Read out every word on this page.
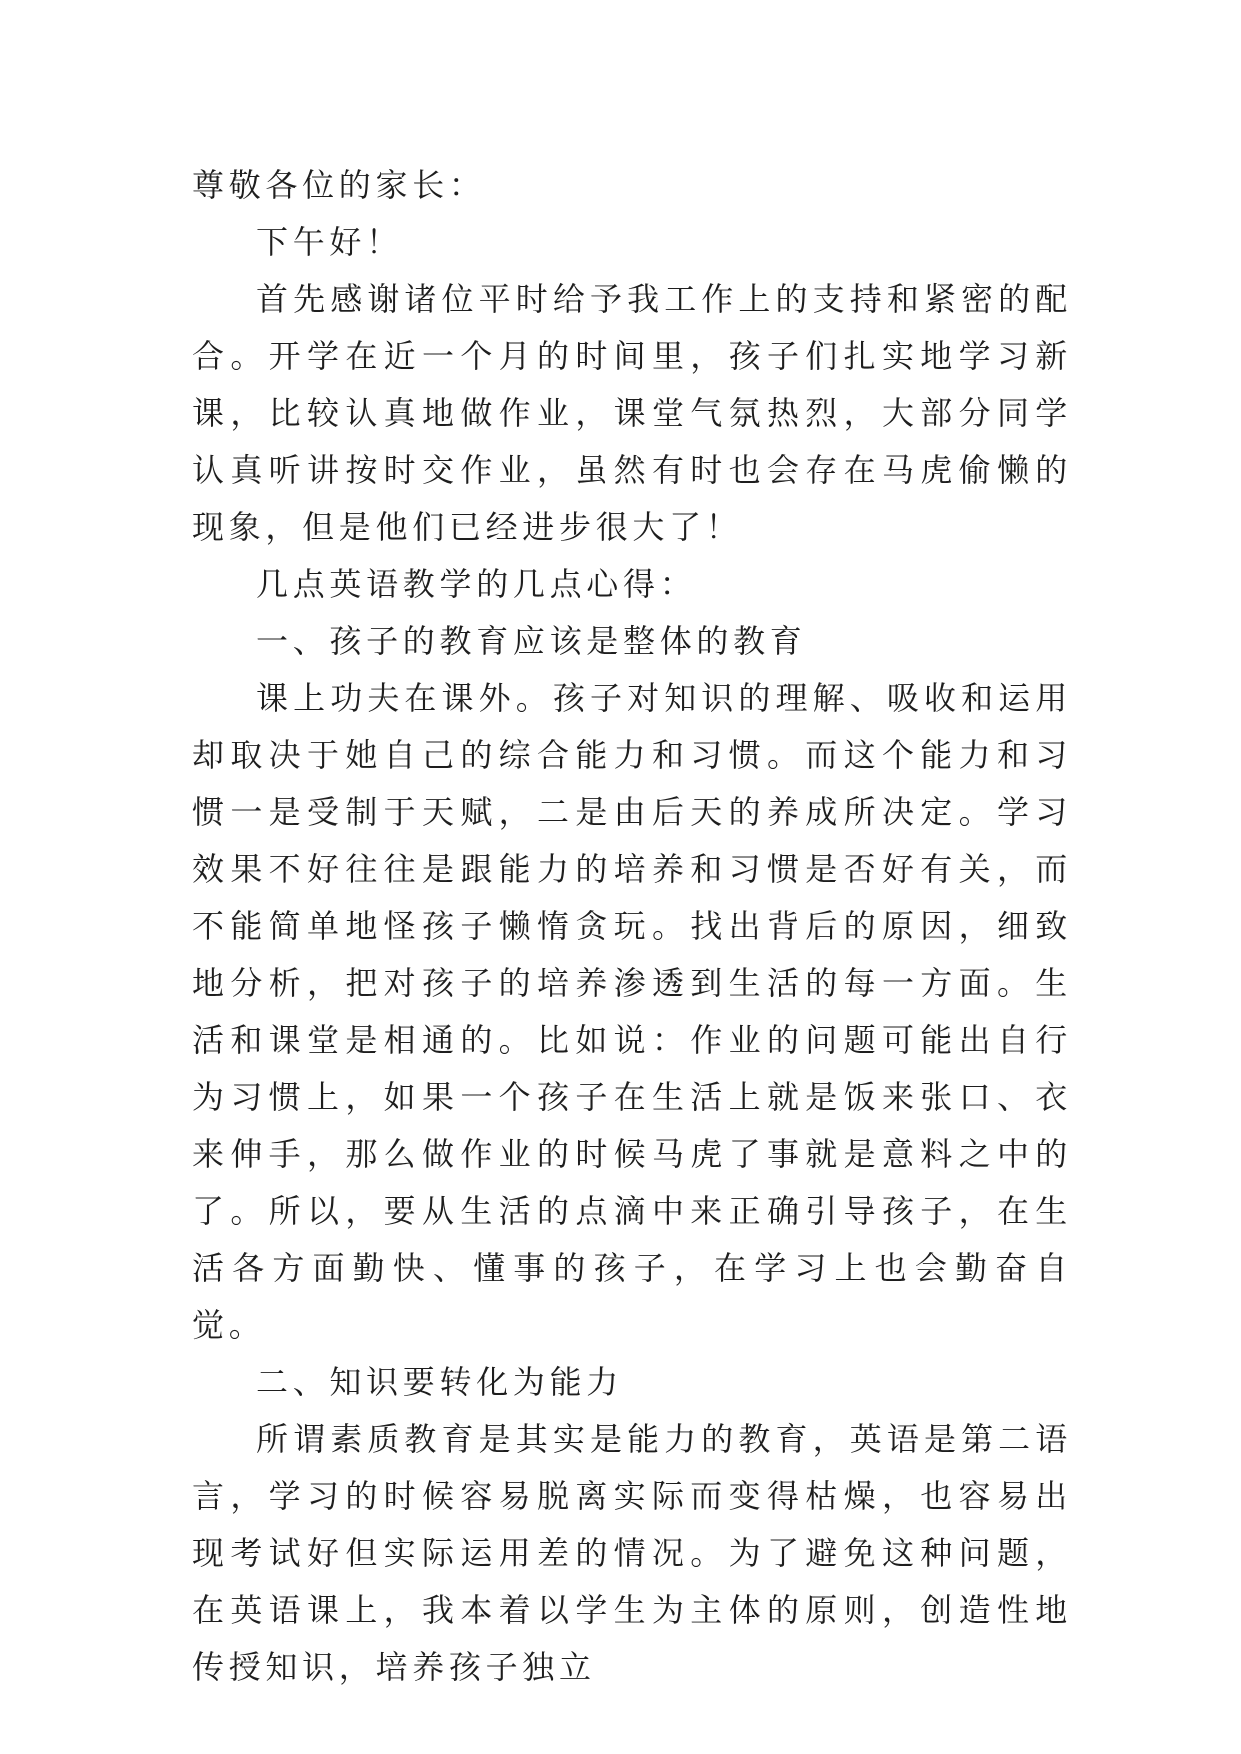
尊敬各位的家长：

下午好！

首先感谢诸位平时给予我工作上的支持和紧密的配合。开学在近一个月的时间里，孩子们扎实地学习新课，比较认真地做作业，课堂气氛热烈，大部分同学认真听讲按时交作业，虽然有时也会存在马虎偷懒的现象，但是他们已经进步很大了！

几点英语教学的几点心得：

一、孩子的教育应该是整体的教育

课上功夫在课外。孩子对知识的理解、吸收和运用却取决于她自己的综合能力和习惯。而这个能力和习惯一是受制于天赋，二是由后天的养成所决定。学习效果不好往往是跟能力的培养和习惯是否好有关，而不能简单地怪孩子懒惰贪玩。找出背后的原因，细致地分析，把对孩子的培养渗透到生活的每一方面。生活和课堂是相通的。比如说：作业的问题可能出自行为习惯上，如果一个孩子在生活上就是饭来张口、衣来伸手，那么做作业的时候马虎了事就是意料之中的了。所以，要从生活的点滴中来正确引导孩子，在生活各方面勤快、懂事的孩子，在学习上也会勤奋自觉。

二、知识要转化为能力

所谓素质教育是其实是能力的教育，英语是第二语言，学习的时候容易脱离实际而变得枯燥，也容易出现考试好但实际运用差的情况。为了避免这种问题，在英语课上，我本着以学生为主体的原则，创造性地传授知识，培养孩子独立
